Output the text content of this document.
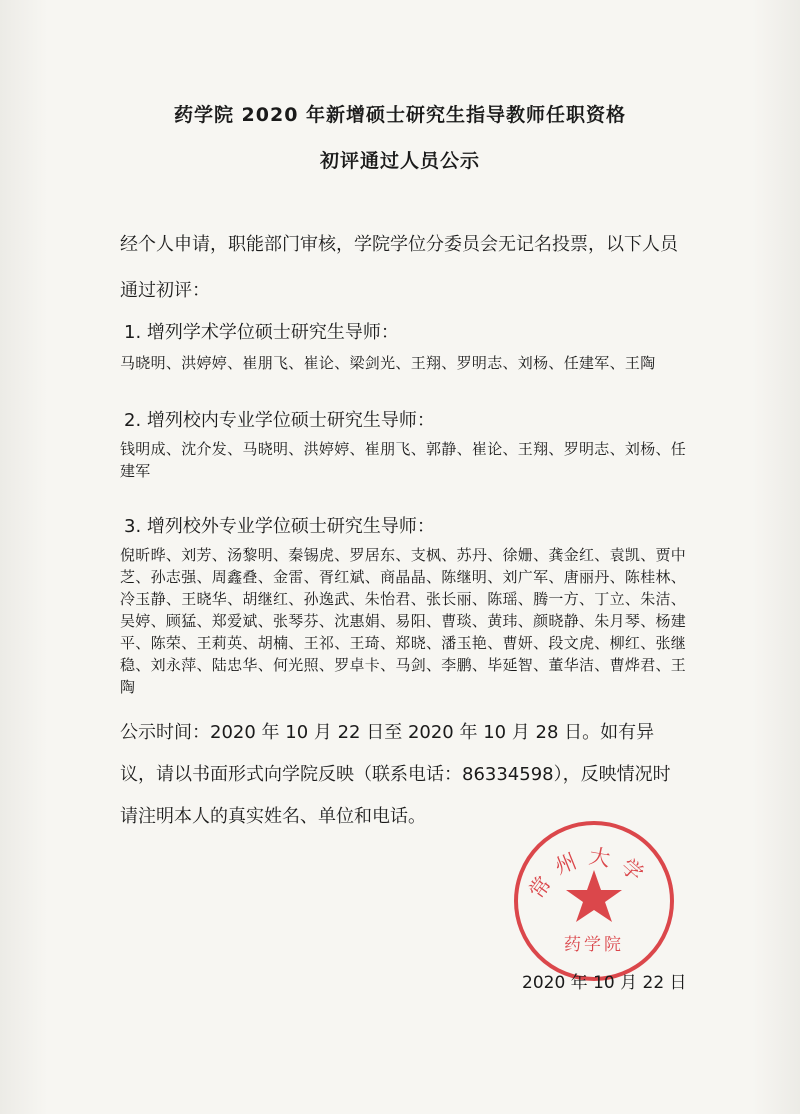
药学院 2020 年新增硕士研究生指导教师任职资格
初评通过人员公示
经个人申请，职能部门审核，学院学位分委员会无记名投票，以下人员通过初评：
1. 增列学术学位硕士研究生导师：
马晓明、洪婷婷、崔朋飞、崔论、梁剑光、王翔、罗明志、刘杨、任建军、王陶
2. 增列校内专业学位硕士研究生导师：
钱明成、沈介发、马晓明、洪婷婷、崔朋飞、郭静、崔论、王翔、罗明志、刘杨、任建军
3. 增列校外专业学位硕士研究生导师：
倪昕晔、刘芳、汤黎明、秦锡虎、罗居东、支枫、苏丹、徐姗、龚金红、袁凯、贾中芝、孙志强、周鑫叠、金雷、胥红斌、商晶晶、陈继明、刘广军、唐丽丹、陈桂林、冷玉静、王晓华、胡继红、孙逸武、朱怡君、张长丽、陈瑶、腾一方、丁立、朱洁、吴婷、顾猛、郑爱斌、张琴芬、沈惠娟、易阳、曹琰、黄玮、颜晓静、朱月琴、杨建平、陈荣、王莉英、胡楠、王祁、王琦、郑晓、潘玉艳、曹妍、段文虎、柳红、张继稳、刘永萍、陆忠华、何光照、罗卓卡、马剑、李鹏、毕延智、董华洁、曹烨君、王陶
公示时间：2020 年 10 月 22 日至 2020 年 10 月 28 日。如有异议，请以书面形式向学院反映（联系电话：86334598），反映情况时请注明本人的真实姓名、单位和电话。
常州大学
药学院
2020 年 10 月 22 日
